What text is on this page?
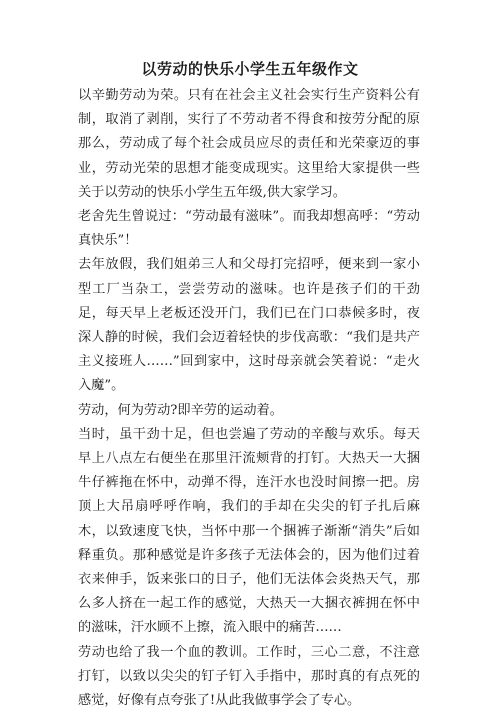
以劳动的快乐小学生五年级作文

以辛勤劳动为荣。只有在社会主义社会实行生产资料公有制，取消了剥削，实行了不劳动者不得食和按劳分配的原那么，劳动成了每个社会成员应尽的责任和光荣豪迈的事业，劳动光荣的思想才能变成现实。这里给大家提供一些关于以劳动的快乐小学生五年级,供大家学习。

老舍先生曾说过：“劳动最有滋味”。而我却想高呼：“劳动真快乐”！

去年放假，我们姐弟三人和父母打完招呼，便来到一家小型工厂当杂工，尝尝劳动的滋味。也许是孩子们的干劲足，每天早上老板还没开门，我们已在门口恭候多时，夜深人静的时候，我们会迈着轻快的步伐高歌：“我们是共产主义接班人……”回到家中，这时母亲就会笑着说：“走火入魔”。

劳动，何为劳动?即辛劳的运动着。

当时，虽干劲十足，但也尝遍了劳动的辛酸与欢乐。每天早上八点左右便坐在那里汗流颊背的打钉。大热天一大捆牛仔裤拖在怀中，动弹不得，连汗水也没时间擦一把。房顶上大吊扇呼呼作响，我们的手却在尖尖的钉子扎后麻木，以致速度飞快，当怀中那一个捆裤子渐渐“消失”后如释重负。那种感觉是许多孩子无法体会的，因为他们过着衣来伸手，饭来张口的日子，他们无法体会炎热天气，那么多人挤在一起工作的感觉，大热天一大捆衣裤拥在怀中的滋味，汗水顾不上擦，流入眼中的痛苦……

劳动也给了我一个血的教训。工作时，三心二意，不注意打钉，以致以尖尖的钉子钉入手指中，那时真的有点死的感觉，好像有点夸张了!从此我做事学会了专心。
